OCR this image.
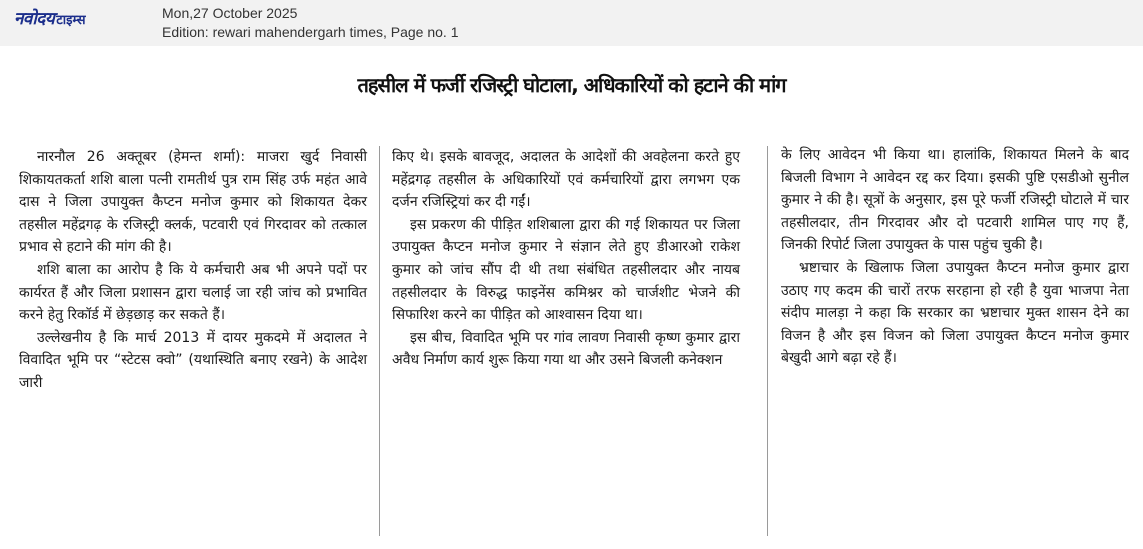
नवोदय टाइम्स	Mon,27 October 2025
Edition: rewari mahendergarh times, Page no. 1
तहसील में फर्जी रजिस्ट्री घोटाला, अधिकारियों को हटाने की मांग

नारनौल 26 अक्तूबर (हेमन्त शर्मा): माजरा खुर्द निवासी शिकायतकर्ता शशि बाला पत्नी रामतीर्थ पुत्र राम सिंह उर्फ महंत आवे दास ने जिला उपायुक्त कैप्टन मनोज कुमार को शिकायत देकर तहसील महेंद्रगढ़ के रजिस्ट्री क्लर्क, पटवारी एवं गिरदावर को तत्काल प्रभाव से हटाने की मांग की है।

शशि बाला का आरोप है कि ये कर्मचारी अब भी अपने पदों पर कार्यरत हैं और जिला प्रशासन द्वारा चलाई जा रही जांच को प्रभावित करने हेतु रिकॉर्ड में छेड़छाड़ कर सकते हैं।

उल्लेखनीय है कि मार्च 2013 में दायर मुकदमे में अदालत ने विवादित भूमि पर “स्टेटस क्वो” (यथास्थिति बनाए रखने) के आदेश जारी

किए थे। इसके बावजूद, अदालत के आदेशों की अवहेलना करते हुए महेंद्रगढ़ तहसील के अधिकारियों एवं कर्मचारियों द्वारा लगभग एक दर्जन रजिस्ट्रियां कर दी गईं।

इस प्रकरण की पीड़ित शशिबाला द्वारा की गई शिकायत पर जिला उपायुक्त कैप्टन मनोज कुमार ने संज्ञान लेते हुए डीआरओ राकेश कुमार को जांच सौंप दी थी तथा संबंधित तहसीलदार और नायब तहसीलदार के विरुद्ध फाइनेंस कमिश्नर को चार्जशीट भेजने की सिफारिश करने का पीड़ित को आश्वासन दिया था।

इस बीच, विवादित भूमि पर गांव लावण निवासी कृष्ण कुमार द्वारा अवैध निर्माण कार्य शुरू किया गया था और उसने बिजली कनेक्शन

के लिए आवेदन भी किया था। हालांकि, शिकायत मिलने के बाद बिजली विभाग ने आवेदन रद्द कर दिया। इसकी पुष्टि एसडीओ सुनील कुमार ने की है। सूत्रों के अनुसार, इस पूरे फर्जी रजिस्ट्री घोटाले में चार तहसीलदार, तीन गिरदावर और दो पटवारी शामिल पाए गए हैं, जिनकी रिपोर्ट जिला उपायुक्त के पास पहुंच चुकी है।

भ्रष्टाचार के खिलाफ जिला उपायुक्त कैप्टन मनोज कुमार द्वारा उठाए गए कदम की चारों तरफ सरहाना हो रही है युवा भाजपा नेता संदीप मालड़ा ने कहा कि सरकार का भ्रष्टाचार मुक्त शासन देने का विजन है और इस विजन को जिला उपायुक्त कैप्टन मनोज कुमार बेखुदी आगे बढ़ा रहे हैं।
